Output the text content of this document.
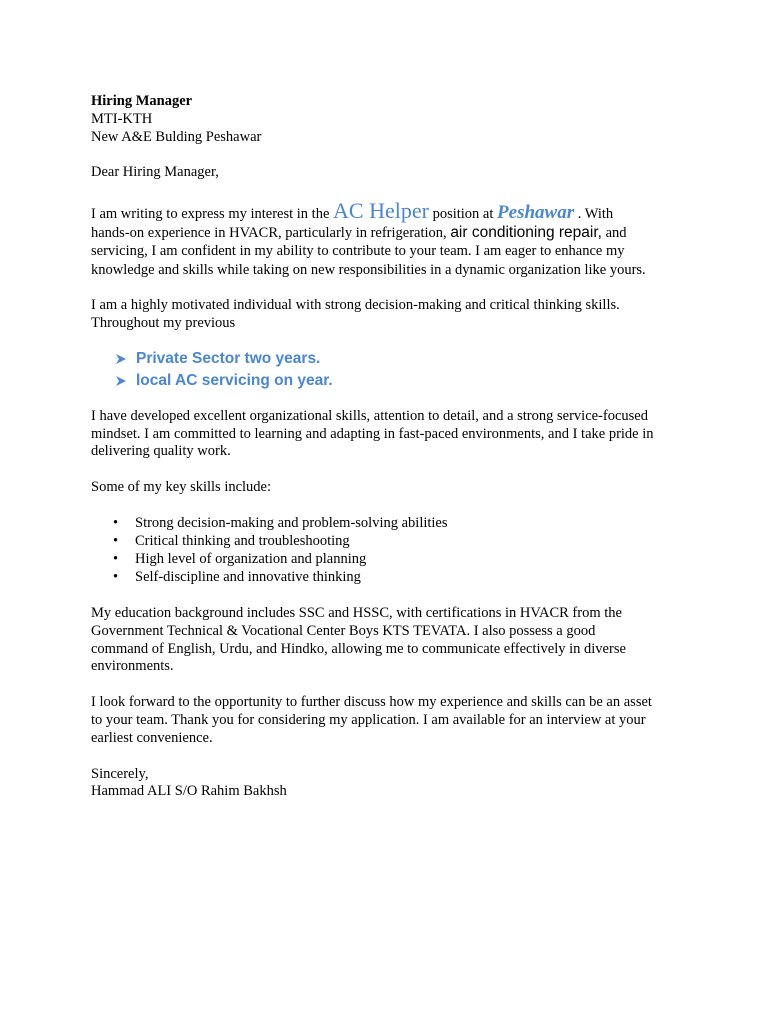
Hiring Manager
MTI-KTH
New A&E Bulding Peshawar
Dear Hiring Manager,
I am writing to express my interest in the AC Helper position at Peshawar . With
hands-on experience in HVACR, particularly in refrigeration, air conditioning repair, and
servicing, I am confident in my ability to contribute to your team. I am eager to enhance my
knowledge and skills while taking on new responsibilities in a dynamic organization like yours.
I am a highly motivated individual with strong decision-making and critical thinking skills.
Throughout my previous
Private Sector two years.
local AC servicing on year.
I have developed excellent organizational skills, attention to detail, and a strong service-focused
mindset. I am committed to learning and adapting in fast-paced environments, and I take pride in
delivering quality work.
Some of my key skills include:
•	Strong decision-making and problem-solving abilities
•	Critical thinking and troubleshooting
•	High level of organization and planning
•	Self-discipline and innovative thinking
My education background includes SSC and HSSC, with certifications in HVACR from the
Government Technical & Vocational Center Boys KTS TEVATA. I also possess a good
command of English, Urdu, and Hindko, allowing me to communicate effectively in diverse
environments.
I look forward to the opportunity to further discuss how my experience and skills can be an asset
to your team. Thank you for considering my application. I am available for an interview at your
earliest convenience.
Sincerely,
Hammad ALI S/O Rahim Bakhsh
